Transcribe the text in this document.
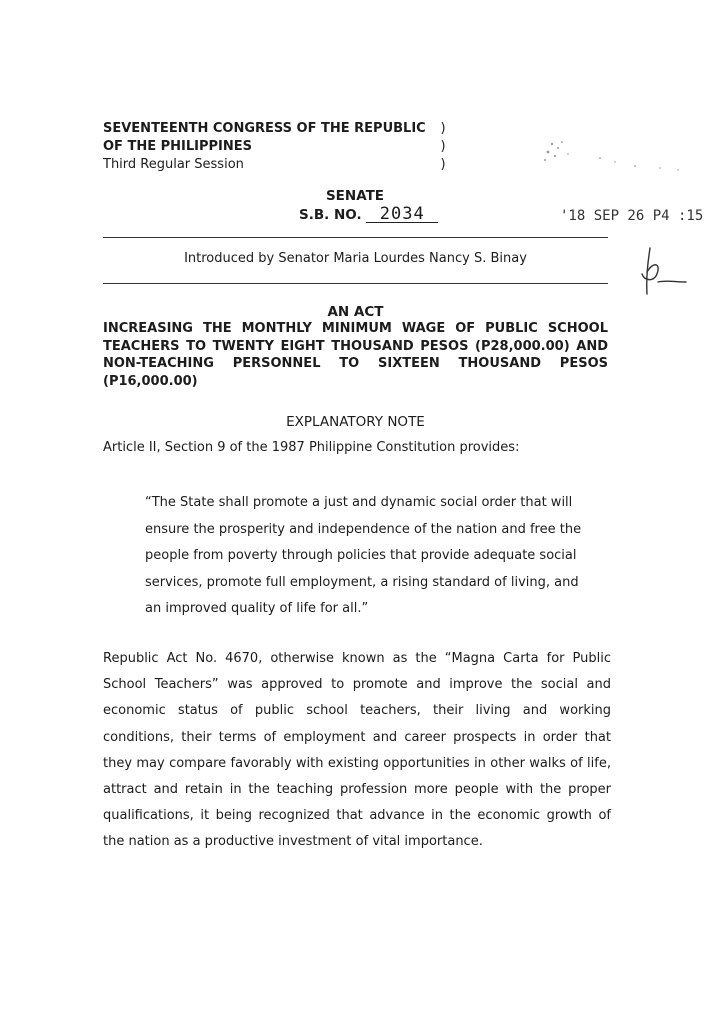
SEVENTEENTH CONGRESS OF THE REPUBLIC
OF THE PHILIPPINES
Third Regular Session
)
)
)
SENATE
S.B. NO. 2034	'18 SEP 26 P4 :15
Introduced by Senator Maria Lourdes Nancy S. Binay
AN ACT
INCREASING THE MONTHLY MINIMUM WAGE OF PUBLIC SCHOOL
TEACHERS TO TWENTY EIGHT THOUSAND PESOS (P28,000.00) AND
NON-TEACHING PERSONNEL TO SIXTEEN THOUSAND PESOS
(P16,000.00)
EXPLANATORY NOTE
Article II, Section 9 of the 1987 Philippine Constitution provides:

“The State shall promote a just and dynamic social order that will ensure the prosperity and independence of the nation and free the people from poverty through policies that provide adequate social services, promote full employment, a rising standard of living, and an improved quality of life for all.”

Republic Act No. 4670, otherwise known as the “Magna Carta for Public School Teachers” was approved to promote and improve the social and economic status of public school teachers, their living and working conditions, their terms of employment and career prospects in order that they may compare favorably with existing opportunities in other walks of life, attract and retain in the teaching profession more people with the proper qualifications, it being recognized that advance in the economic growth of the nation as a productive investment of vital importance.
